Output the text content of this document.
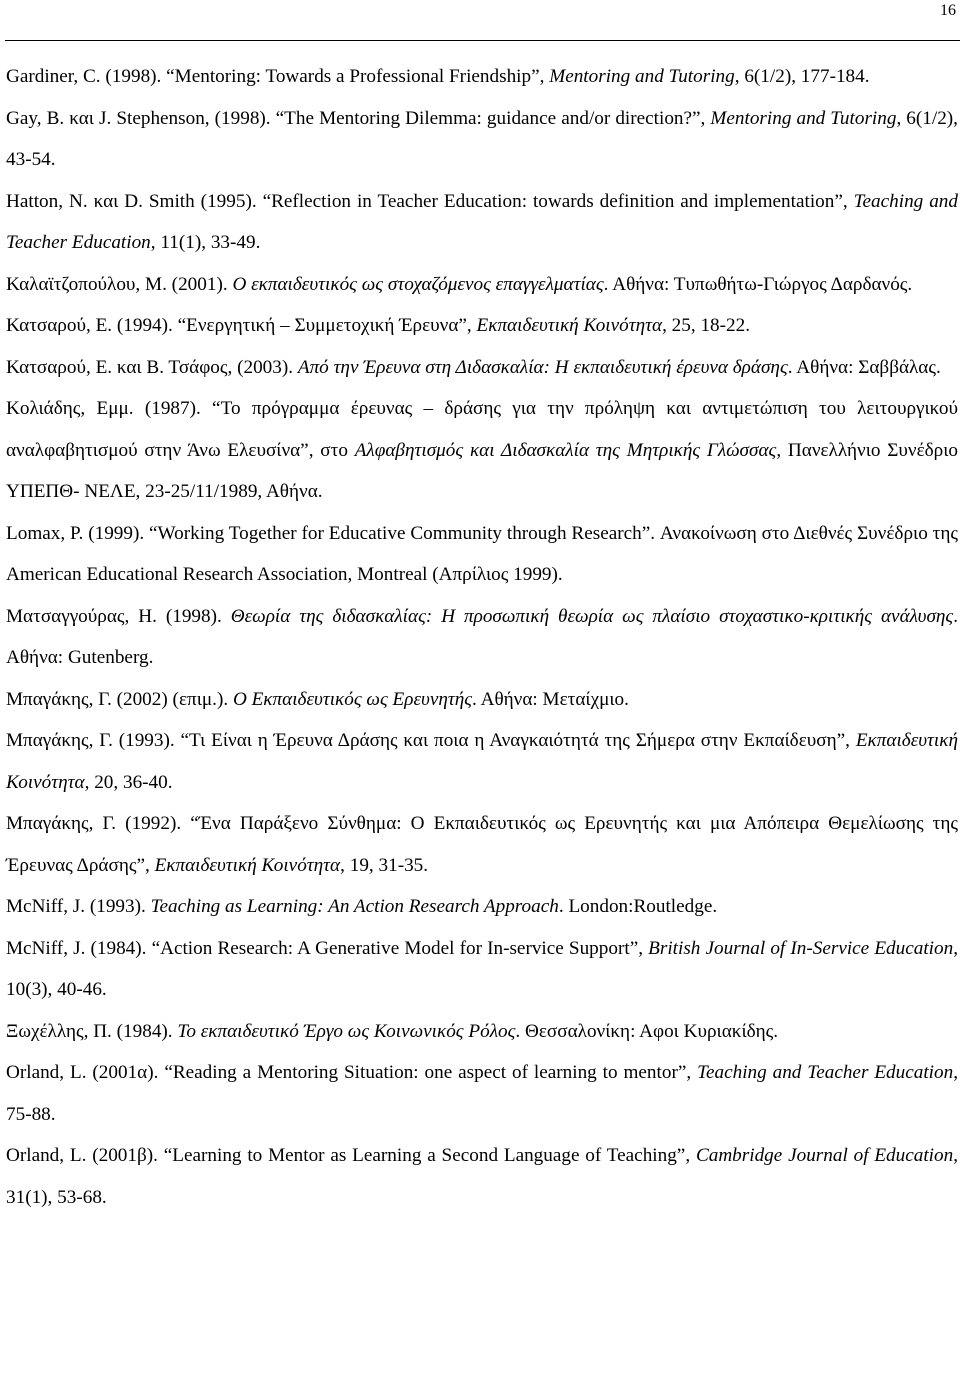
16

Gardiner, C. (1998). “Mentoring: Towards a Professional Friendship”, Mentoring and Tutoring, 6(1/2), 177-184.

Gay, B. και J. Stephenson, (1998). “The Mentoring Dilemma: guidance and/or direction?”, Mentoring and Tutoring, 6(1/2), 43-54.

Hatton, N. και D. Smith (1995). “Reflection in Teacher Education: towards definition and implementation”, Teaching and Teacher Education, 11(1), 33-49.

Καλαϊτζοπούλου, Μ. (2001). Ο εκπαιδευτικός ως στοχαζόμενος επαγγελματίας. Αθήνα: Τυπωθήτω-Γιώργος Δαρδανός.

Κατσαρού, Ε. (1994). “Ενεργητική – Συμμετοχική Έρευνα”, Εκπαιδευτική Κοινότητα, 25, 18-22.

Κατσαρού, Ε. και Β. Τσάφος, (2003). Από την Έρευνα στη Διδασκαλία: Η εκπαιδευτική έρευνα δράσης. Αθήνα: Σαββάλας.

Κολιάδης, Εμμ. (1987). “Το πρόγραμμα έρευνας – δράσης για την πρόληψη και αντιμετώπιση του λειτουργικού αναλφαβητισμού στην Άνω Ελευσίνα”, στο Αλφαβητισμός και Διδασκαλία της Μητρικής Γλώσσας, Πανελλήνιο Συνέδριο ΥΠΕΠΘ- ΝΕΛΕ, 23-25/11/1989, Αθήνα.

Lomax, P. (1999). “Working Together for Educative Community through Research”. Ανακοίνωση στο Διεθνές Συνέδριο της American Educational Research Association, Montreal (Απρίλιος 1999).

Ματσαγγούρας, Η. (1998). Θεωρία της διδασκαλίας: Η προσωπική θεωρία ως πλαίσιο στοχαστικο-κριτικής ανάλυσης. Αθήνα: Gutenberg.

Μπαγάκης, Γ. (2002) (επιμ.). Ο Εκπαιδευτικός ως Ερευνητής. Αθήνα: Μεταίχμιο.

Μπαγάκης, Γ. (1993). “Τι Είναι η Έρευνα Δράσης και ποια η Αναγκαιότητά της Σήμερα στην Εκπαίδευση”, Εκπαιδευτική Κοινότητα, 20, 36-40.

Μπαγάκης, Γ. (1992). “Ένα Παράξενο Σύνθημα: Ο Εκπαιδευτικός ως Ερευνητής και μια Απόπειρα Θεμελίωσης της Έρευνας Δράσης”, Εκπαιδευτική Κοινότητα, 19, 31-35.

McNiff, J. (1993). Teaching as Learning: An Action Research Approach. London:Routledge.

McNiff, J. (1984). “Action Research: A Generative Model for In-service Support”, British Journal of In-Service Education, 10(3), 40-46.

Ξωχέλλης, Π. (1984). Το εκπαιδευτικό Έργο ως Κοινωνικός Ρόλος. Θεσσαλονίκη: Αφοι Κυριακίδης.

Orland, L. (2001α). “Reading a Mentoring Situation: one aspect of learning to mentor”, Teaching and Teacher Education, 75-88.

Orland, L. (2001β). “Learning to Mentor as Learning a Second Language of Teaching”, Cambridge Journal of Education, 31(1), 53-68.
